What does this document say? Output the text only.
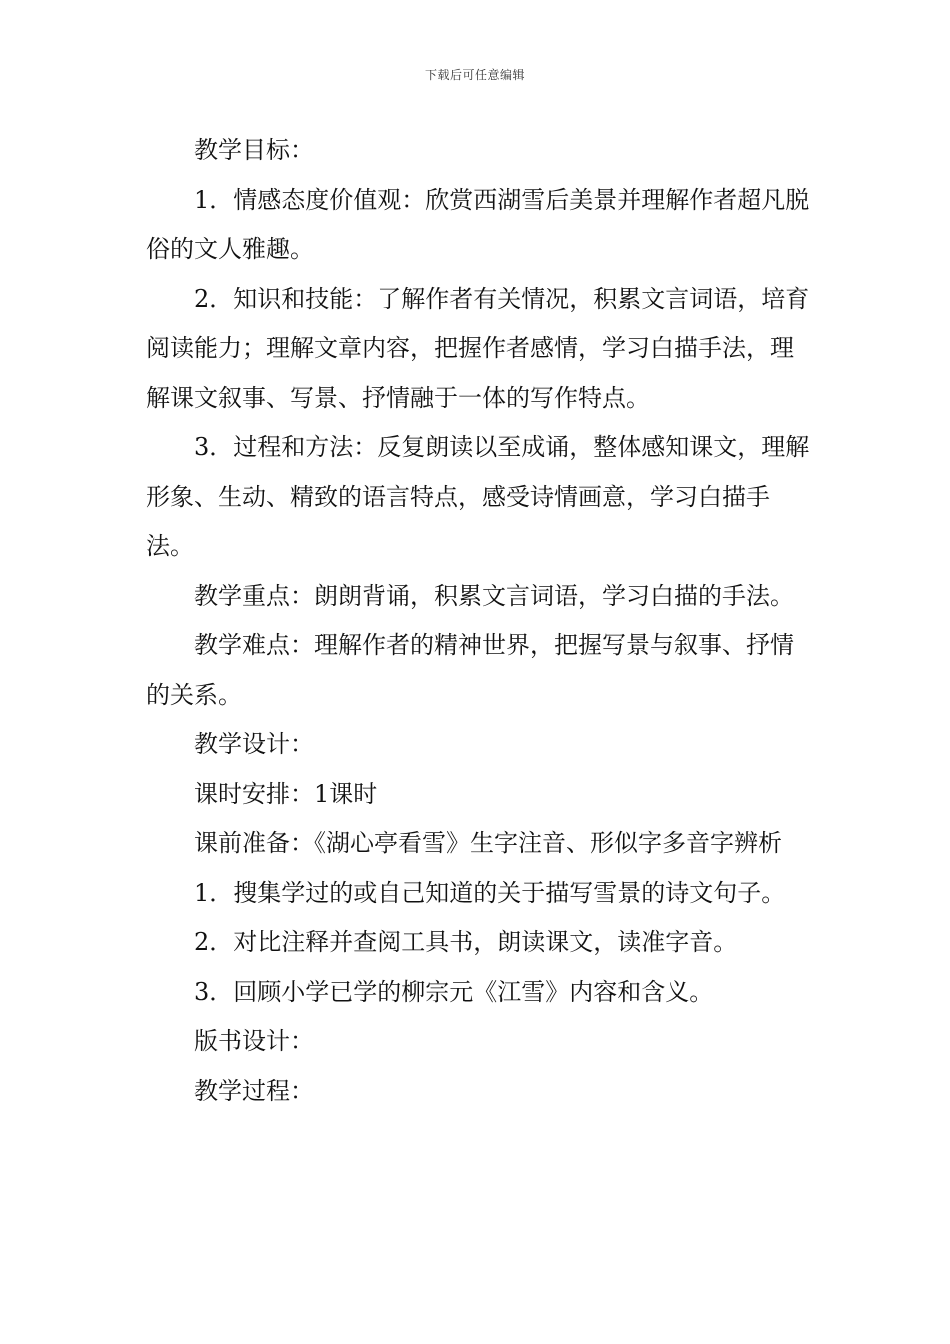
下载后可任意编辑

教学目标：

1．情感态度价值观：欣赏西湖雪后美景并理解作者超凡脱俗的文人雅趣。

2．知识和技能：了解作者有关情况，积累文言词语，培育阅读能力；理解文章内容，把握作者感情，学习白描手法，理解课文叙事、写景、抒情融于一体的写作特点。

3．过程和方法：反复朗读以至成诵，整体感知课文，理解形象、生动、精致的语言特点，感受诗情画意，学习白描手法。

教学重点：朗朗背诵，积累文言词语，学习白描的手法。

教学难点：理解作者的精神世界，把握写景与叙事、抒情的关系。

教学设计：

课时安排：1课时

课前准备：《湖心亭看雪》生字注音、形似字多音字辨析

1．搜集学过的或自己知道的关于描写雪景的诗文句子。

2．对比注释并查阅工具书，朗读课文，读准字音。

3．回顾小学已学的柳宗元《江雪》内容和含义。

版书设计：

教学过程：
